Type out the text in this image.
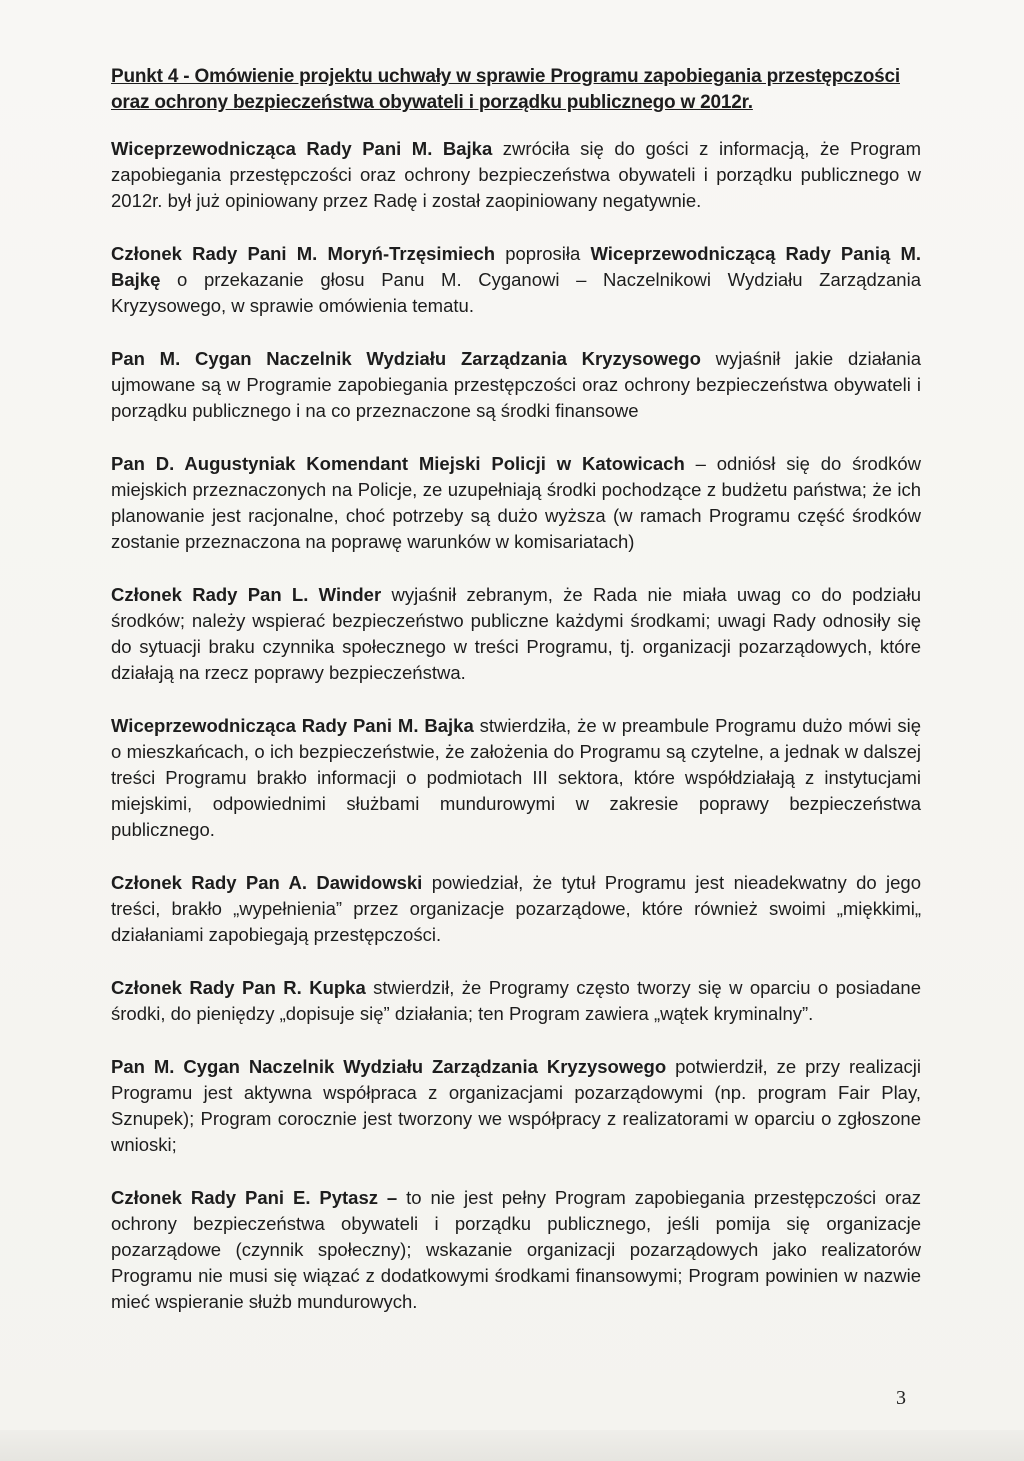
Punkt 4 - Omówienie projektu uchwały w sprawie Programu zapobiegania przestępczości
oraz ochrony bezpieczeństwa obywateli i porządku publicznego w 2012r.

Wiceprzewodnicząca Rady Pani M. Bajka zwróciła się do gości z informacją, że Program zapobiegania przestępczości oraz ochrony bezpieczeństwa obywateli i porządku publicznego w 2012r. był już opiniowany przez Radę i został zaopiniowany negatywnie.

Członek Rady Pani M. Moryń-Trzęsimiech poprosiła Wiceprzewodniczącą Rady Panią M. Bajkę o przekazanie głosu Panu M. Cyganowi – Naczelnikowi Wydziału Zarządzania Kryzysowego, w sprawie omówienia tematu.

Pan M. Cygan Naczelnik Wydziału Zarządzania Kryzysowego wyjaśnił jakie działania ujmowane są w Programie zapobiegania przestępczości oraz ochrony bezpieczeństwa obywateli i porządku publicznego i na co przeznaczone są środki finansowe

Pan D. Augustyniak Komendant Miejski Policji w Katowicach – odniósł się do środków miejskich przeznaczonych na Policje, ze uzupełniają środki pochodzące z budżetu państwa; że ich planowanie jest racjonalne, choć potrzeby są dużo wyższa (w ramach Programu część środków zostanie przeznaczona na poprawę warunków w komisariatach)

Członek Rady Pan L. Winder wyjaśnił zebranym, że Rada nie miała uwag co do podziału środków; należy wspierać bezpieczeństwo publiczne każdymi środkami; uwagi Rady odnosiły się do sytuacji braku czynnika społecznego w treści Programu, tj. organizacji pozarządowych, które działają na rzecz poprawy bezpieczeństwa.

Wiceprzewodnicząca Rady Pani M. Bajka stwierdziła, że w preambule Programu dużo mówi się o mieszkańcach, o ich bezpieczeństwie, że założenia do Programu są czytelne, a jednak w dalszej treści Programu brakło informacji o podmiotach III sektora, które współdziałają z instytucjami miejskimi, odpowiednimi służbami mundurowymi w zakresie poprawy bezpieczeństwa publicznego.

Członek Rady Pan A. Dawidowski powiedział, że tytuł Programu jest nieadekwatny do jego treści, brakło „wypełnienia” przez organizacje pozarządowe, które również swoimi „miękkimi„ działaniami zapobiegają przestępczości.

Członek Rady Pan R. Kupka stwierdził, że Programy często tworzy się w oparciu o posiadane środki, do pieniędzy „dopisuje się” działania; ten Program zawiera „wątek kryminalny”.

Pan M. Cygan Naczelnik Wydziału Zarządzania Kryzysowego potwierdził, ze przy realizacji Programu jest aktywna współpraca z organizacjami pozarządowymi (np. program Fair Play, Sznupek); Program corocznie jest tworzony we współpracy z realizatorami w oparciu o zgłoszone wnioski;

Członek Rady Pani E. Pytasz – to nie jest pełny Program zapobiegania przestępczości oraz ochrony bezpieczeństwa obywateli i porządku publicznego, jeśli pomija się organizacje pozarządowe (czynnik społeczny); wskazanie organizacji pozarządowych jako realizatorów Programu nie musi się wiązać z dodatkowymi środkami finansowymi; Program powinien w nazwie mieć wspieranie służb mundurowych.

3
